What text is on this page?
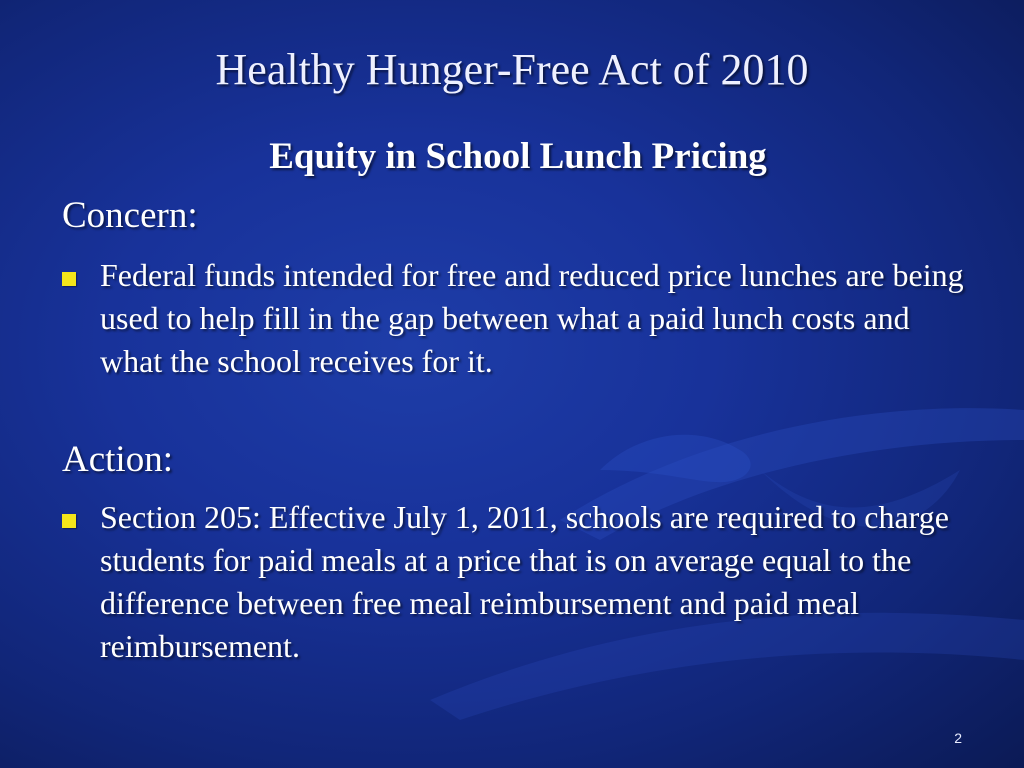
Healthy Hunger-Free Act of 2010
Equity in School Lunch Pricing
Concern:
Federal funds intended for free and reduced price lunches are being used to help fill in the gap between what a paid lunch costs and what the school receives for it.
Action:
Section 205: Effective July 1, 2011, schools are required to charge students for paid meals at a price that is on average equal to the difference between free meal reimbursement and paid meal reimbursement.
2
